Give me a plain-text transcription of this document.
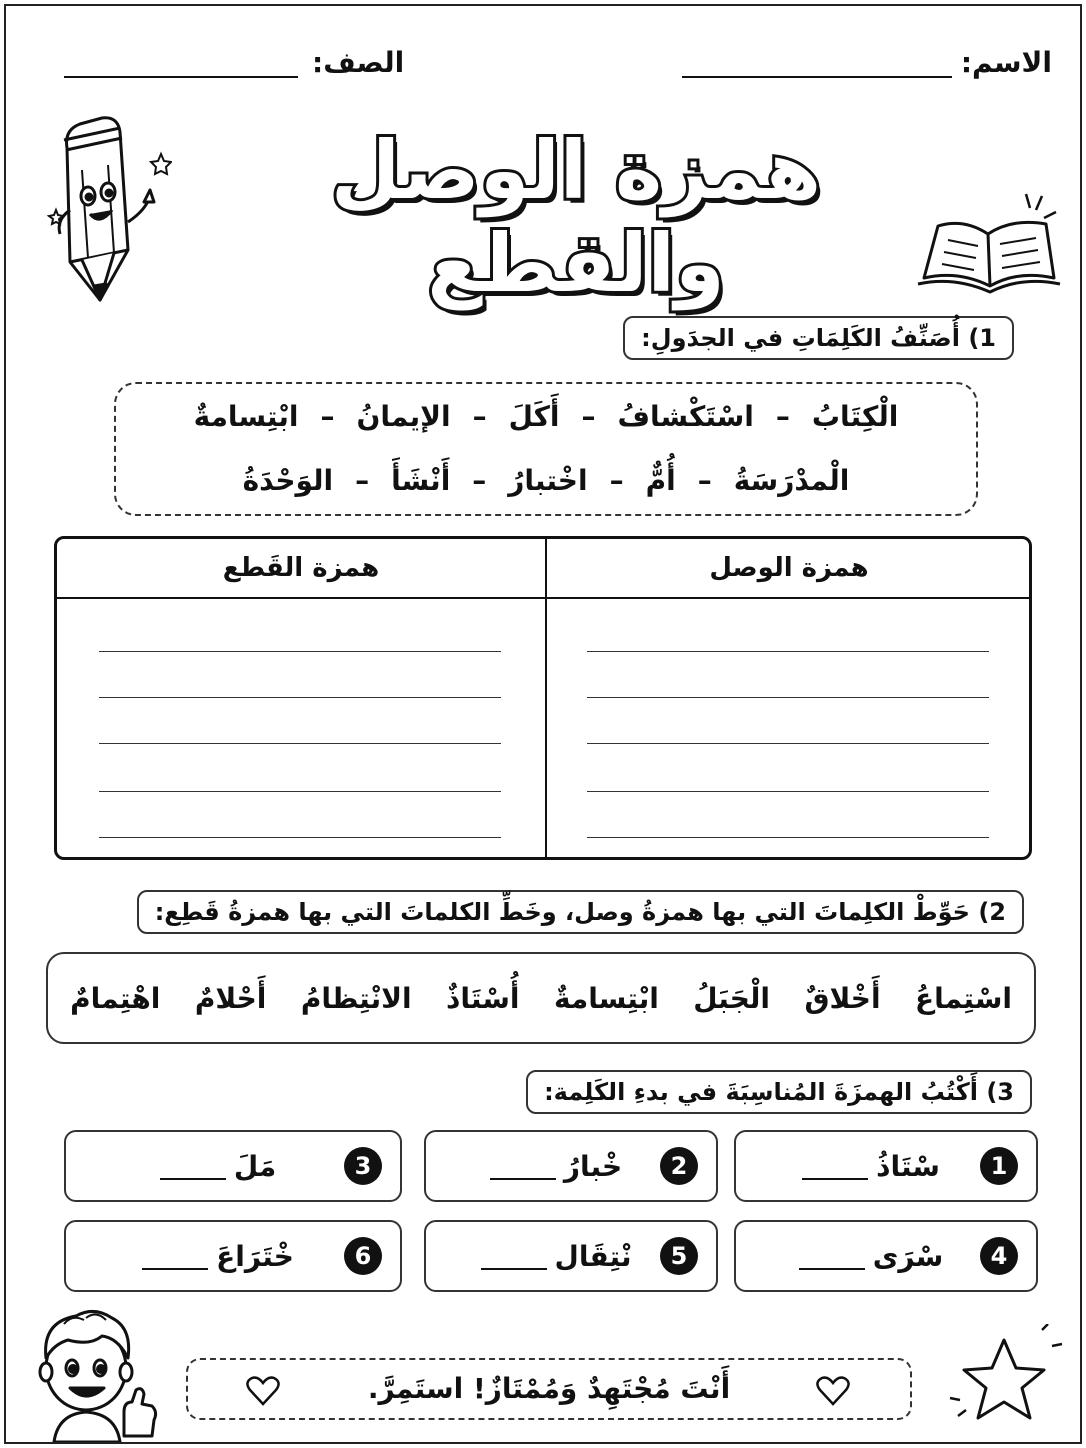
الاسم:
الصف:
همزة الوصل والقطع
1) أُصَنِّفُ الكَلِمَاتِ في الجدَولِ:
الْكِتَابُ
–
اسْتَكْشافُ
–
أَكَلَ
–
الإيمانُ
–
ابْتِسامةٌ
الْمدْرَسَةُ
–
أُمٌّ
–
اخْتبارُ
–
أَنْشَأَ
–
الوَحْدَةُ
همزة الوصل
همزة القَطع
2) حَوِّطْ الكلِماتَ التي بها همزةُ وصل، وخَطِّ الكلماتَ التي بها همزةُ قَطِع:
اسْتِماعُ
أَخْلاقٌ
الْجَبَلُ
ابْتِسامةٌ
أُسْتَاذٌ
الانْتِظامُ
أَحْلامٌ
اهْتِمامٌ
3) أَكْتُبُ الهمزَةَ المُناسِبَةَ في بدءِ الكَلِمة:
1
سْتَاذُ
2
خْبارُ
3
مَلَ
4
سْرَى
5
نْتِقَال
6
خْتَرَاعَ
أَنْتَ مُجْتَهِدٌ وَمُمْتَازٌ! استَمِرَّ.
